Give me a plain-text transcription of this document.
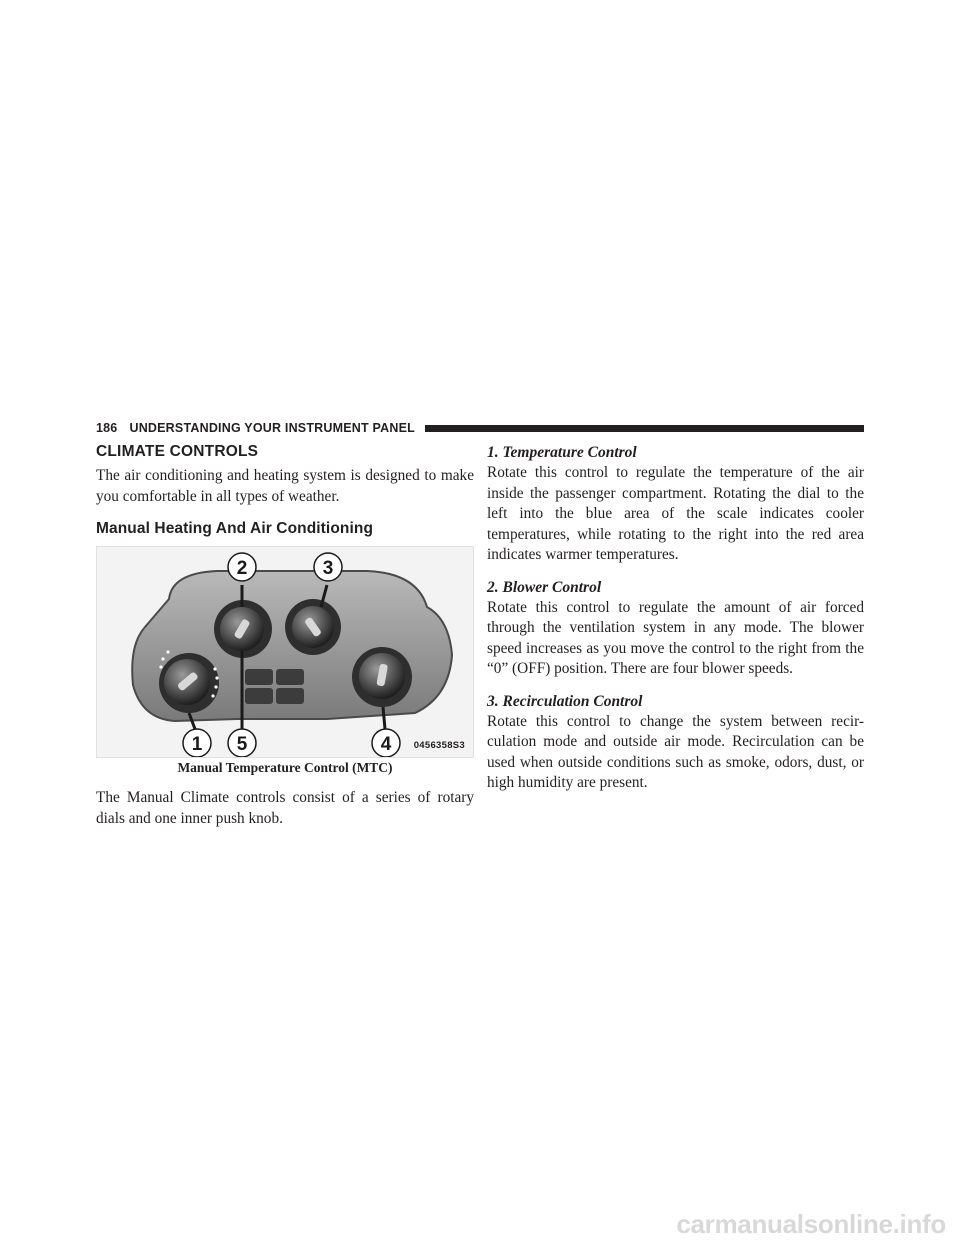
186 UNDERSTANDING YOUR INSTRUMENT PANEL
CLIMATE CONTROLS

The air conditioning and heating system is designed to make you comfortable in all types of weather.

Manual Heating And Air Conditioning
2	3
1 5	4 0456358S3
Manual Temperature Control (MTC)

The Manual Climate controls consist of a series of rotary dials and one inner push knob.

1. Temperature Control

Rotate this control to regulate the temperature of the air inside the passenger compartment. Rotating the dial to the left into the blue area of the scale indicates cooler temperatures, while rotating to the right into the red area indicates warmer temperatures.

2. Blower Control

Rotate this control to regulate the amount of air forced through the ventilation system in any mode. The blower speed increases as you move the control to the right from the “0” (OFF) position. There are four blower speeds.

3. Recirculation Control

Rotate this control to change the system between recir-culation mode and outside air mode. Recirculation can be used when outside conditions such as smoke, odors, dust, or high humidity are present.

carmanualsonline.info
